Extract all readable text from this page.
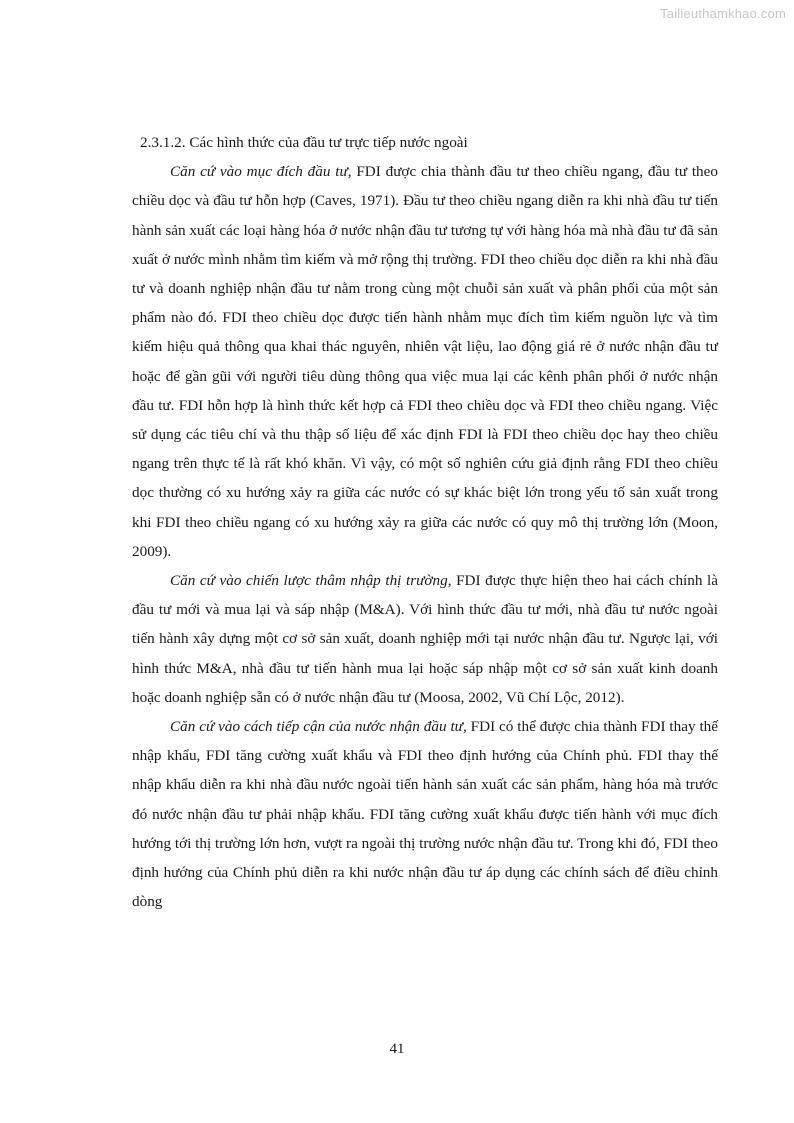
Tailieuthamkhao.com

2.3.1.2. Các hình thức của đầu tư trực tiếp nước ngoài

Căn cứ vào mục đích đầu tư, FDI được chia thành đầu tư theo chiều ngang, đầu tư theo chiều dọc và đầu tư hỗn hợp (Caves, 1971). Đầu tư theo chiều ngang diễn ra khi nhà đầu tư tiến hành sản xuất các loại hàng hóa ở nước nhận đầu tư tương tự với hàng hóa mà nhà đầu tư đã sản xuất ở nước mình nhằm tìm kiếm và mở rộng thị trường. FDI theo chiều dọc diễn ra khi nhà đầu tư và doanh nghiệp nhận đầu tư nằm trong cùng một chuỗi sản xuất và phân phối của một sản phẩm nào đó. FDI theo chiều dọc được tiến hành nhằm mục đích tìm kiếm nguồn lực và tìm kiếm hiệu quả thông qua khai thác nguyên, nhiên vật liệu, lao động giá rẻ ở nước nhận đầu tư hoặc để gần gũi với người tiêu dùng thông qua việc mua lại các kênh phân phối ở nước nhận đầu tư. FDI hỗn hợp là hình thức kết hợp cả FDI theo chiều dọc và FDI theo chiều ngang. Việc sử dụng các tiêu chí và thu thập số liệu để xác định FDI là FDI theo chiều dọc hay theo chiều ngang trên thực tế là rất khó khăn. Vì vậy, có một số nghiên cứu giả định rằng FDI theo chiều dọc thường có xu hướng xảy ra giữa các nước có sự khác biệt lớn trong yếu tố sản xuất trong khi FDI theo chiều ngang có xu hướng xảy ra giữa các nước có quy mô thị trường lớn (Moon, 2009).

Căn cứ vào chiến lược thâm nhập thị trường, FDI được thực hiện theo hai cách chính là đầu tư mới và mua lại và sáp nhập (M&A). Với hình thức đầu tư mới, nhà đầu tư nước ngoài tiến hành xây dựng một cơ sở sản xuất, doanh nghiệp mới tại nước nhận đầu tư. Ngược lại, với hình thức M&A, nhà đầu tư tiến hành mua lại hoặc sáp nhập một cơ sở sản xuất kinh doanh hoặc doanh nghiệp sẵn có ở nước nhận đầu tư (Moosa, 2002, Vũ Chí Lộc, 2012).

Căn cứ vào cách tiếp cận của nước nhận đầu tư, FDI có thể được chia thành FDI thay thế nhập khẩu, FDI tăng cường xuất khẩu và FDI theo định hướng của Chính phủ. FDI thay thế nhập khẩu diễn ra khi nhà đầu nước ngoài tiến hành sản xuất các sản phẩm, hàng hóa mà trước đó nước nhận đầu tư phải nhập khẩu. FDI tăng cường xuất khẩu được tiến hành với mục đích hướng tới thị trường lớn hơn, vượt ra ngoài thị trường nước nhận đầu tư. Trong khi đó, FDI theo định hướng của Chính phủ diễn ra khi nước nhận đầu tư áp dụng các chính sách để điều chỉnh dòng

41
